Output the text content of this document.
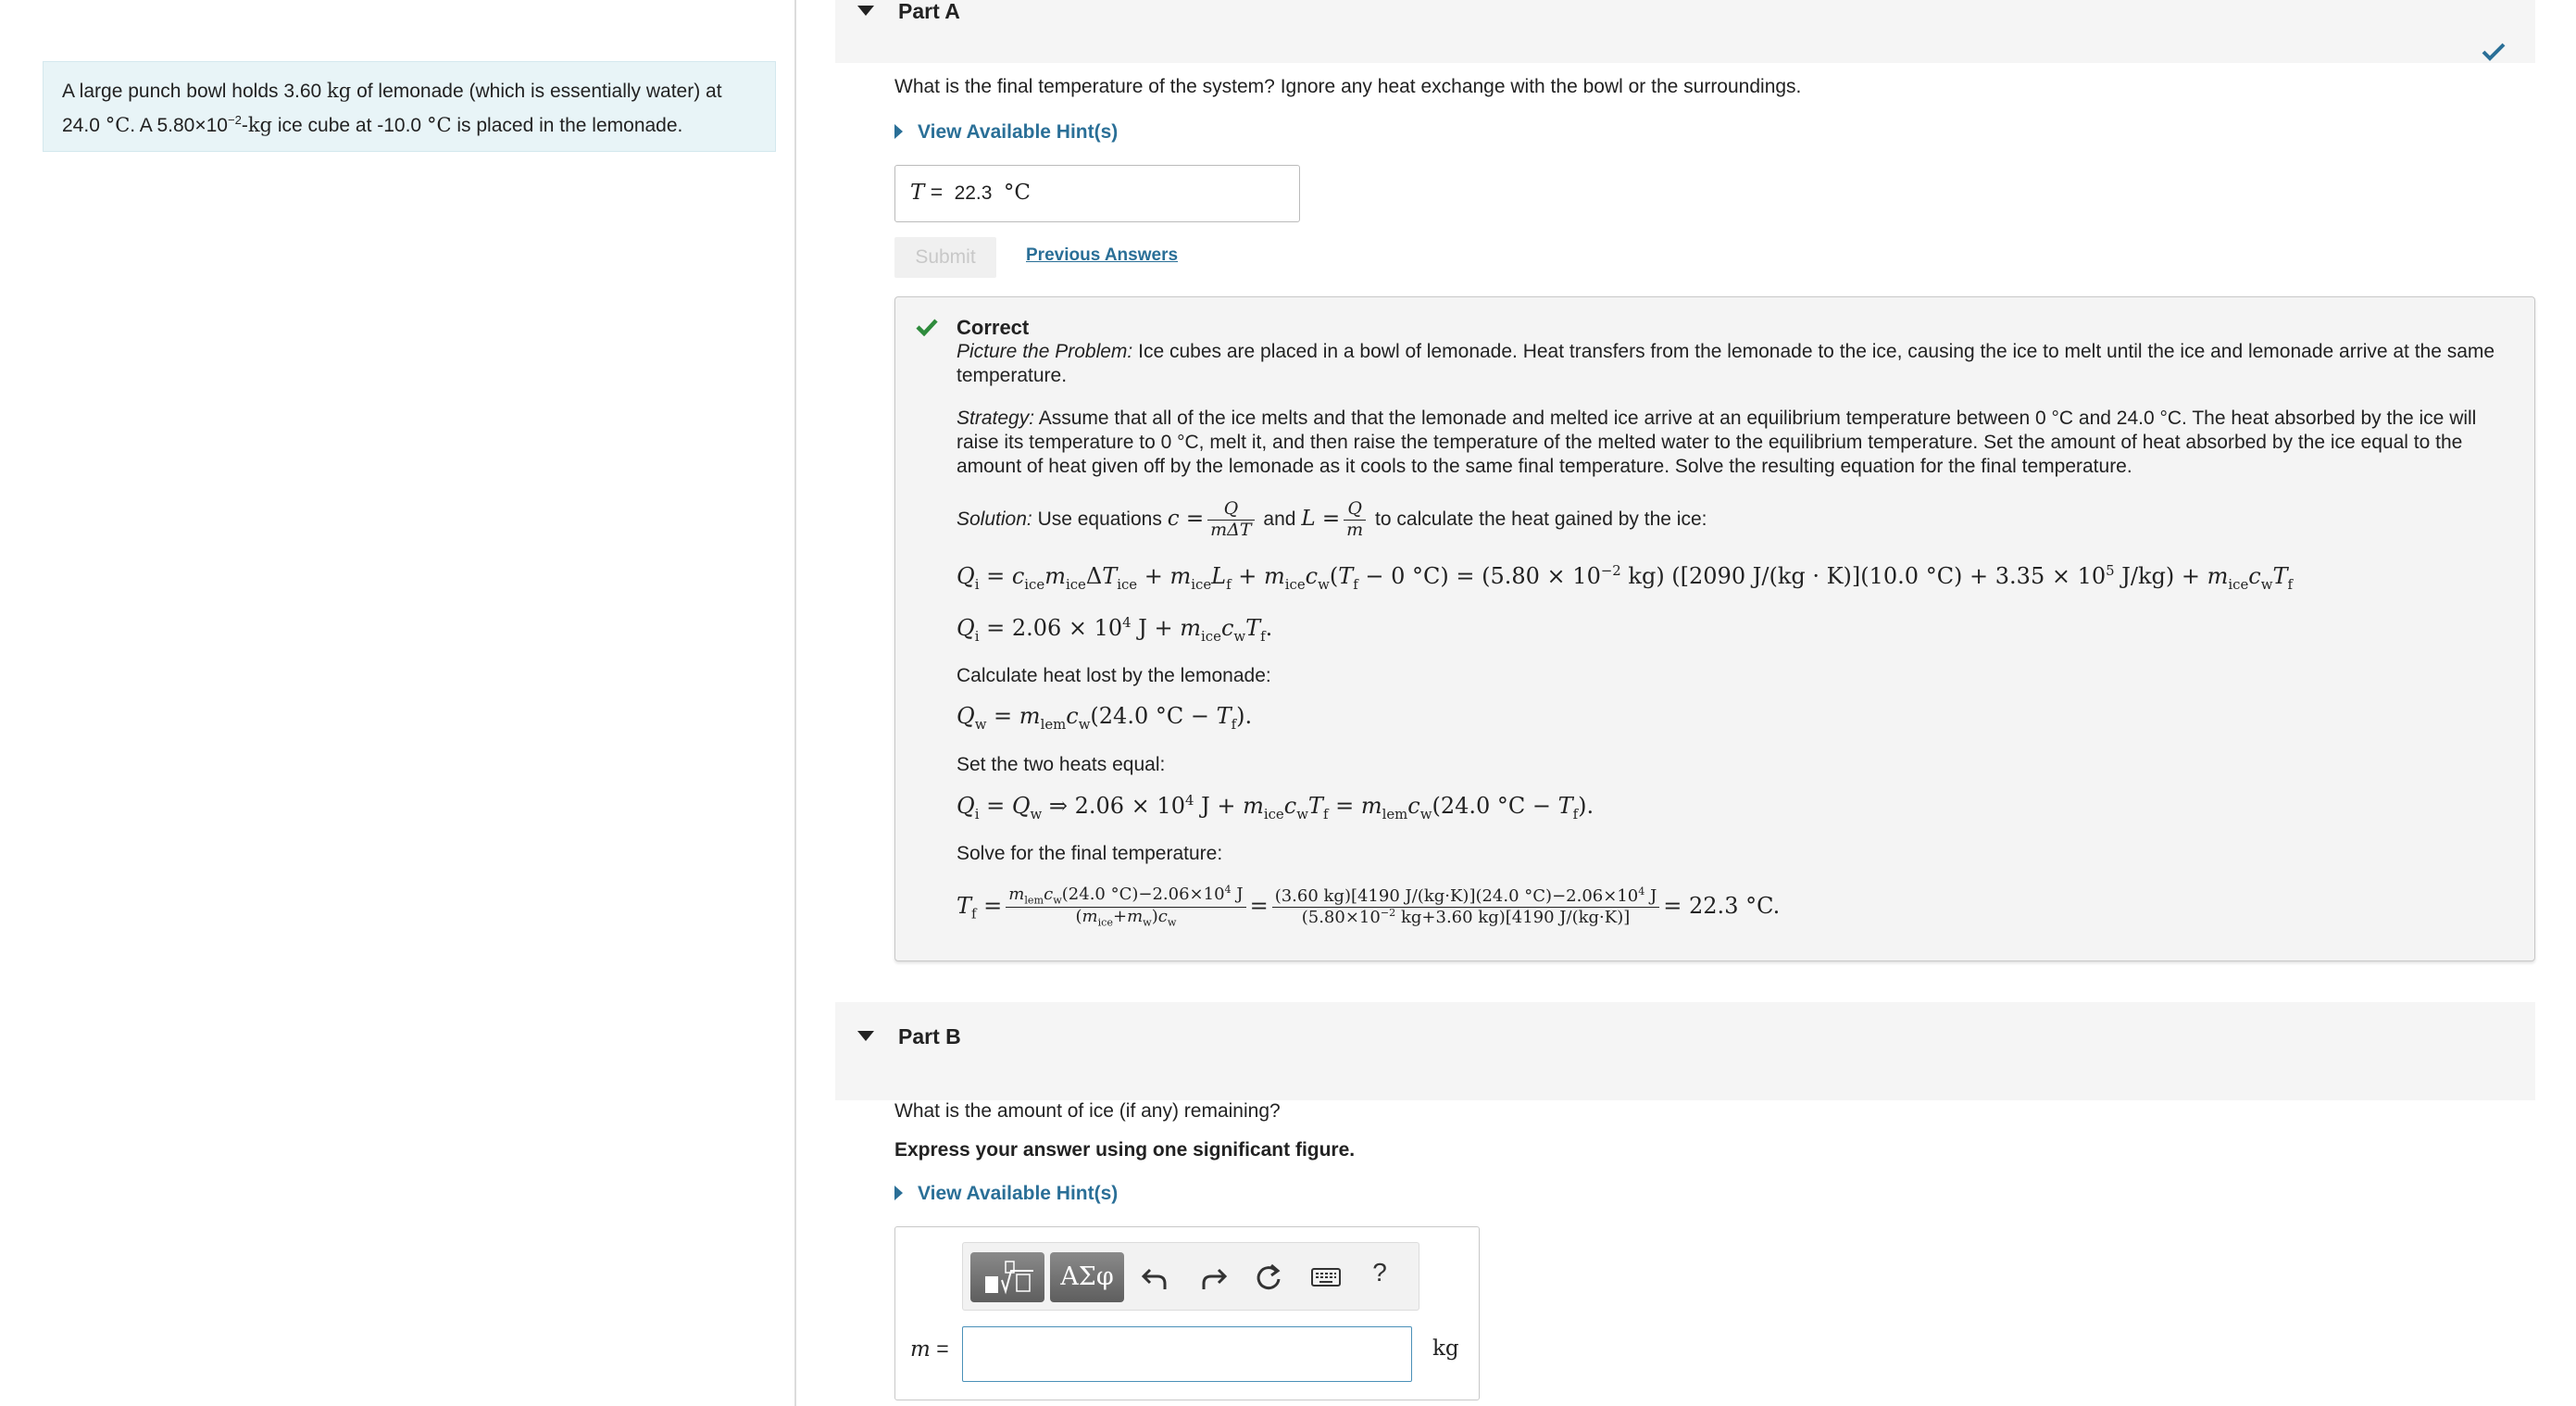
A large punch bowl holds 3.60 kg of lemonade (which is essentially water) at
24.0 °C. A $5.80\times 10^{-2}-kg$ ice cube at -10.0 °C is placed in the lemonade.
Part A
What is the final temperature of the system? Ignore any heat exchange with the bowl or the surroundings.
View Available Hint(s)
T = 22.3 °C
Submit	Previous Answers
Correct
Picture the Problem: Ice cubes are placed in a bowl of lemonade. Heat transfers from the lemonade to the ice, causing the ice to melt until the ice and lemonade arrive at the same temperature.
Strategy: Assume that all of the ice melts and that the lemonade and melted ice arrive at an equilibrium temperature between 0 °C and 24.0 °C. The heat absorbed by the ice will raise its temperature to 0 °C, melt it, and then raise the temperature of the melted water to the equilibrium temperature. Set the amount of heat absorbed by the ice equal to the amount of heat given off by the lemonade as it cools to the same final temperature. Solve the resulting equation for the final temperature.
Solution: Use equations $c = \frac{Q}{\text{mΔT}}$ and $L = \frac{Q}{m}$ to calculate the heat gained by the ice:
$Q_i = c_{ice}m_{ice}\Delta T_{ice} + m_{ice}L_f + m_{ice}c_w(T_f - 0$ $^\circ C) = (5.80 \times 10^{-2}$ kg) ([2090 J/(kg · K)](10.0 $^\circ C) + 3.35 \times 10^5$ $J/kg) + m_{ice}c_wT_f$
$Q_i = 2.06 \times 10^4$ $J + m_{ice}c_wT_f$.
Calculate heat lost by the lemonade:
$Q_w = m_{lem}c_w(24.0$ $^\circ C - T_f$).
Set the two heats equal:
$Q_i = Q_w$ ⇒ $2.06 \times 10^4$ $J + m_{ice}c_wT_f = m_{lem}c_w(24.0$ $^\circ C - T_f$).
Solve for the final temperature:
$T_f = \frac{m_{lem}c_w(24.0 ^\circ C)-2.06\times 10^4 J}{(m_{ice}+m_w)c_w} = \frac{(3.60 kg)[4190 J/(kg\cdot K)](24.0 ^\circ C)-2.06\times 10^4 J}{(5.80\times 10^{-2} kg+3.60 kg)[4190 J/(kg\cdot K)]} = 22.3$ °C.
Part B
What is the amount of ice (if any) remaining?
Express your answer using one significant figure.
View Available Hint(s)
ΑΣφ	?
m =	kg
